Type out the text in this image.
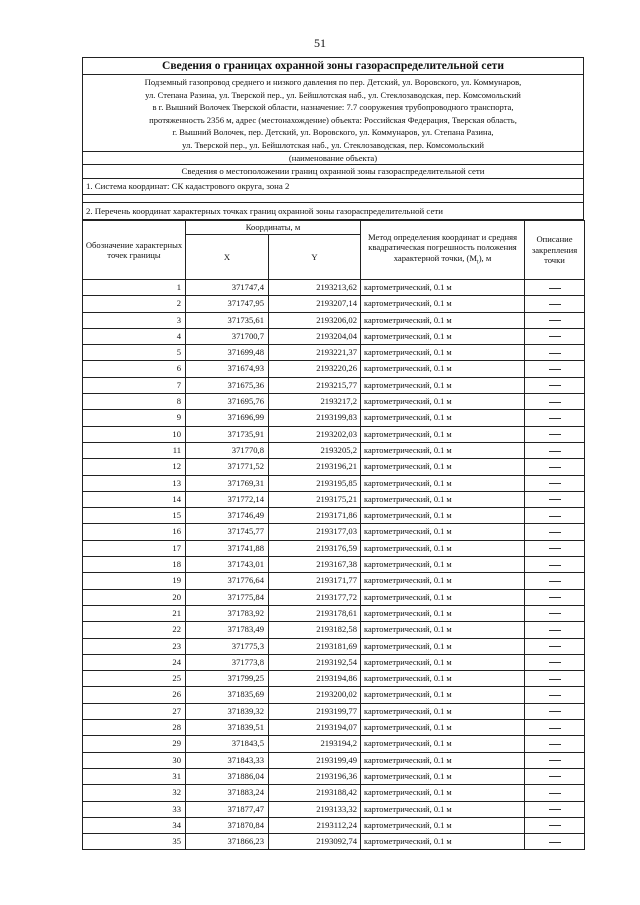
51
Сведения о границах охранной зоны газораспределительной сети
Подземный газопровод среднего и низкого давления по пер. Детский, ул. Воровского, ул. Коммунаров,
ул. Степана Разина, ул. Тверской пер., ул. Бейшлотская наб., ул. Стеклозаводская, пер. Комсомольский
в г. Вышний Волочек Тверской области, назначение: 7.7 сооружения трубопроводного транспорта,
протяженность 2356 м, адрес (местонахождение) объекта: Российская Федерация, Тверская область,
г. Вышний Волочек, пер. Детский, ул. Воровского, ул. Коммунаров, ул. Степана Разина,
ул. Тверской пер., ул. Бейшлотская наб., ул. Стеклозаводская, пер. Комсомольский
(наименование объекта)
Сведения о местоположении границ охранной зоны газораспределительной сети
1. Система координат: СК кадастрового округа, зона 2
2. Перечень координат характерных точках границ охранной зоны газораспределительной сети
Обозначение характерных точек границы	Координаты, м		Метод определения координат и средняя квадратическая погрешность положения характерной точки, $(M_t)$, м	Описание закрепления точки
	X	Y		
1	371747,4	2193213,62	картометрический, 0.1 м	
2	371747,95	2193207,14	картометрический, 0.1 м	
3	371735,61	2193206,02	картометрический, 0.1 м	
4	371700,7	2193204,04	картометрический, 0.1 м	
5	371699,48	2193221,37	картометрический, 0.1 м	
6	371674,93	2193220,26	картометрический, 0.1 м	
7	371675,36	2193215,77	картометрический, 0.1 м	
8	371695,76	2193217,2	картометрический, 0.1 м	
9	371696,99	2193199,83	картометрический, 0.1 м	
10	371735,91	2193202,03	картометрический, 0.1 м	
11	371770,8	2193205,2	картометрический, 0.1 м	
12	371771,52	2193196,21	картометрический, 0.1 м	
13	371769,31	2193195,85	картометрический, 0.1 м	
14	371772,14	2193175,21	картометрический, 0.1 м	
15	371746,49	2193171,86	картометрический, 0.1 м	
16	371745,77	2193177,03	картометрический, 0.1 м	
17	371741,88	2193176,59	картометрический, 0.1 м	
18	371743,01	2193167,38	картометрический, 0.1 м	
19	371776,64	2193171,77	картометрический, 0.1 м	
20	371775,84	2193177,72	картометрический, 0.1 м	
21	371783,92	2193178,61	картометрический, 0.1 м	
22	371783,49	2193182,58	картометрический, 0.1 м	
23	371775,3	2193181,69	картометрический, 0.1 м	
24	371773,8	2193192,54	картометрический, 0.1 м	
25	371799,25	2193194,86	картометрический, 0.1 м	
26	371835,69	2193200,02	картометрический, 0.1 м	
27	371839,32	2193199,77	картометрический, 0.1 м	
28	371839,51	2193194,07	картометрический, 0.1 м	
29	371843,5	2193194,2	картометрический, 0.1 м	
30	371843,33	2193199,49	картометрический, 0.1 м	
31	371886,04	2193196,36	картометрический, 0.1 м	
32	371883,24	2193188,42	картометрический, 0.1 м	
33	371877,47	2193133,32	картометрический, 0.1 м	
34	371870,84	2193112,24	картометрический, 0.1 м	
35	371866,23	2193092,74	картометрический, 0.1 м	
